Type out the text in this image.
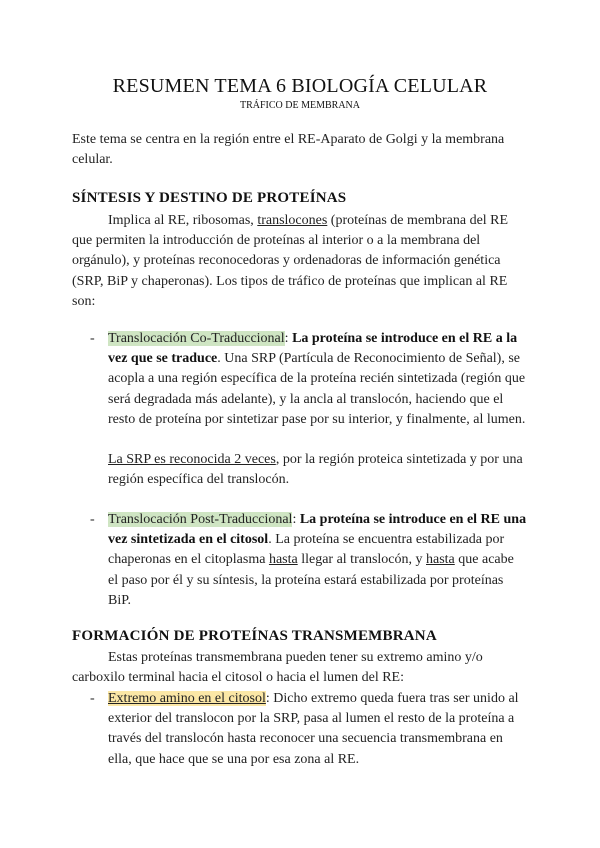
RESUMEN TEMA 6 BIOLOGÍA CELULAR
TRÁFICO DE MEMBRANA
Este tema se centra en la región entre el RE-Aparato de Golgi y la membrana celular.
SÍNTESIS Y DESTINO DE PROTEÍNAS
Implica al RE, ribosomas, translocones (proteínas de membrana del RE que permiten la introducción de proteínas al interior o a la membrana del orgánulo), y proteínas reconocedoras y ordenadoras de información genética (SRP, BiP y chaperonas). Los tipos de tráfico de proteínas que implican al RE son:
- Translocación Co-Traduccional: La proteína se introduce en el RE a la vez que se traduce. Una SRP (Partícula de Reconocimiento de Señal), se acopla a una región específica de la proteína recién sintetizada (región que será degradada más adelante), y la ancla al translocón, haciendo que el resto de proteína por sintetizar pase por su interior, y finalmente, al lumen.
La SRP es reconocida 2 veces, por la región proteica sintetizada y por una región específica del translocón.
- Translocación Post-Traduccional: La proteína se introduce en el RE una vez sintetizada en el citosol. La proteína se encuentra estabilizada por chaperonas en el citoplasma hasta llegar al translocón, y hasta que acabe el paso por él y su síntesis, la proteína estará estabilizada por proteínas BiP.
FORMACIÓN DE PROTEÍNAS TRANSMEMBRANA
Estas proteínas transmembrana pueden tener su extremo amino y/o carboxilo terminal hacia el citosol o hacia el lumen del RE:
- Extremo amino en el citosol: Dicho extremo queda fuera tras ser unido al exterior del translocon por la SRP, pasa al lumen el resto de la proteína a través del translocón hasta reconocer una secuencia transmembrana en ella, que hace que se una por esa zona al RE.
